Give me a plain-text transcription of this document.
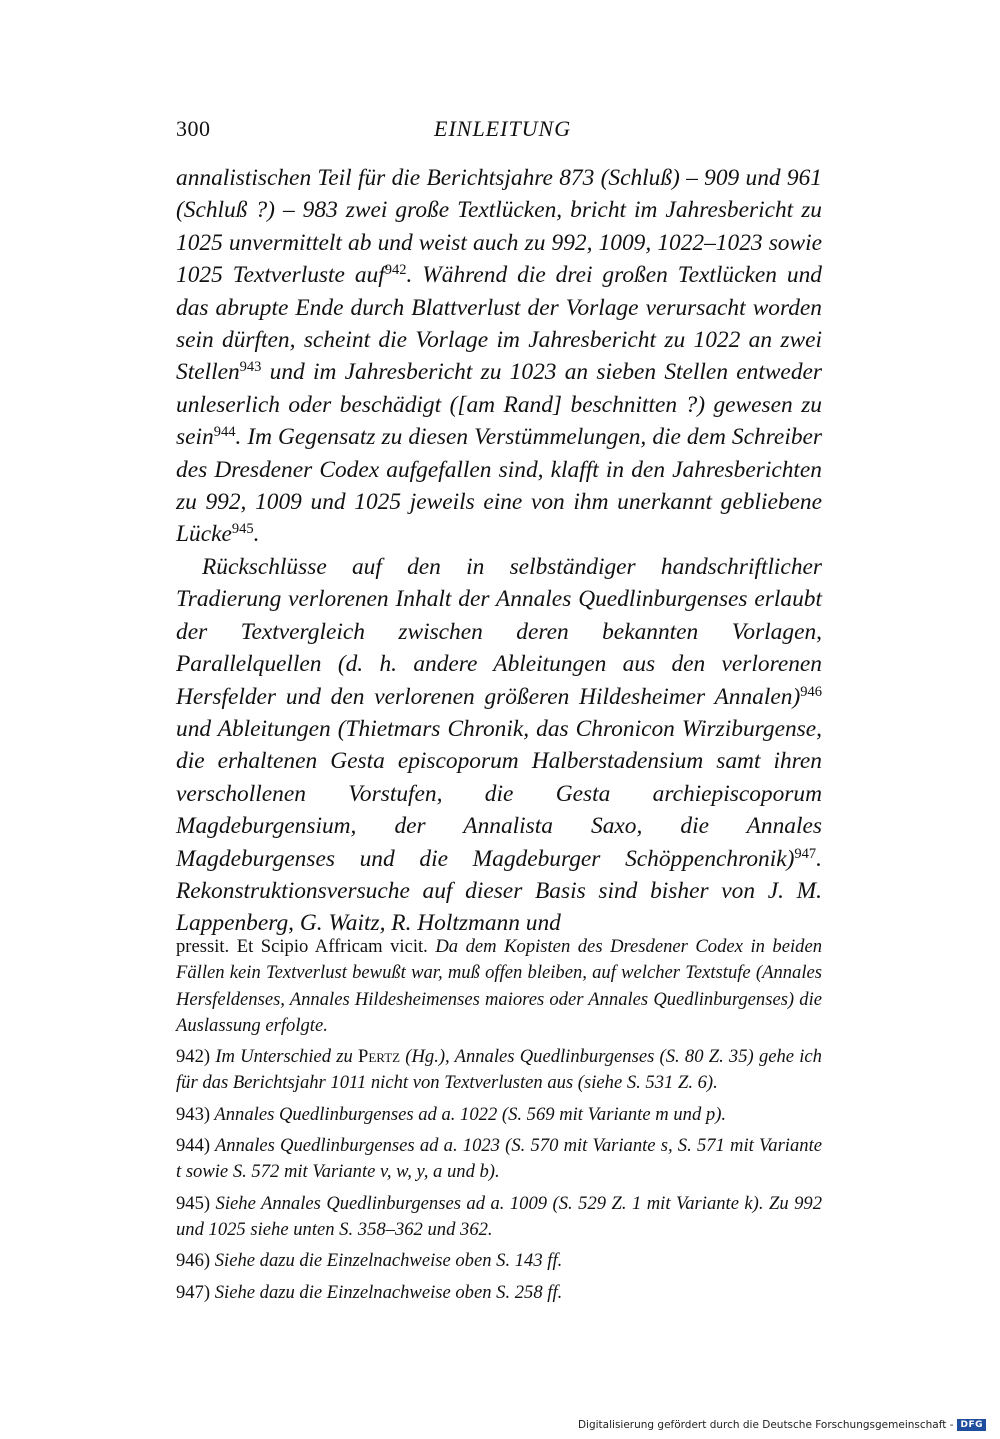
300	EINLEITUNG

annalistischen Teil für die Berichtsjahre 873 (Schluß) – 909 und 961 (Schluß ?) – 983 zwei große Textlücken, bricht im Jahresbericht zu 1025 unvermittelt ab und weist auch zu 992, 1009, 1022–1023 sowie 1025 Textverluste auf$^{942}$. Während die drei großen Textlücken und das abrupte Ende durch Blattverlust der Vorlage verursacht worden sein dürften, scheint die Vorlage im Jahresbericht zu 1022 an zwei Stellen$^{943}$ und im Jahresbericht zu 1023 an sieben Stellen entweder unleserlich oder beschädigt ([am Rand] beschnitten ?) gewesen zu sein$^{944}$. Im Gegensatz zu diesen Verstümmelungen, die dem Schreiber des Dresdener Codex aufgefallen sind, klafft in den Jahresberichten zu 992, 1009 und 1025 jeweils eine von ihm unerkannt gebliebene Lücke$^{945}$.

Rückschlüsse auf den in selbständiger handschriftlicher Tradierung verlorenen Inhalt der Annales Quedlinburgenses erlaubt der Textvergleich zwischen deren bekannten Vorlagen, Parallelquellen (d. h. andere Ableitungen aus den verlorenen Hersfelder und den verlorenen größeren Hildesheimer Annalen)$^{946}$ und Ableitungen (Thietmars Chronik, das Chronicon Wirziburgense, die erhaltenen Gesta episcoporum Halberstadensium samt ihren verschollenen Vorstufen, die Gesta archiepiscoporum Magdeburgensium, der Annalista Saxo, die Annales Magdeburgenses und die Magdeburger Schöppenchronik)$^{947}$. Rekonstruktionsversuche auf dieser Basis sind bisher von J. M. Lappenberg, G. Waitz, R. Holtzmann und

pressit. Et Scipio Affricam vicit. Da dem Kopisten des Dresdener Codex in beiden Fällen kein Textverlust bewußt war, muß offen bleiben, auf welcher Textstufe (Annales Hersfeldenses, Annales Hildesheimenses maiores oder Annales Quedlinburgenses) die Auslassung erfolgte.

942) Im Unterschied zu Pertz (Hg.), Annales Quedlinburgenses (S. 80 Z. 35) gehe ich für das Berichtsjahr 1011 nicht von Textverlusten aus (siehe S. 531 Z. 6).

943) Annales Quedlinburgenses ad a. 1022 (S. 569 mit Variante m und p).

944) Annales Quedlinburgenses ad a. 1023 (S. 570 mit Variante s, S. 571 mit Variante t sowie S. 572 mit Variante v, w, y, a und b).

945) Siehe Annales Quedlinburgenses ad a. 1009 (S. 529 Z. 1 mit Variante k). Zu 992 und 1025 siehe unten S. 358–362 und 362.

946) Siehe dazu die Einzelnachweise oben S. 143 ff.

947) Siehe dazu die Einzelnachweise oben S. 258 ff.

Digitalisierung gefördert durch die Deutsche Forschungsgemeinschaft - DFG
